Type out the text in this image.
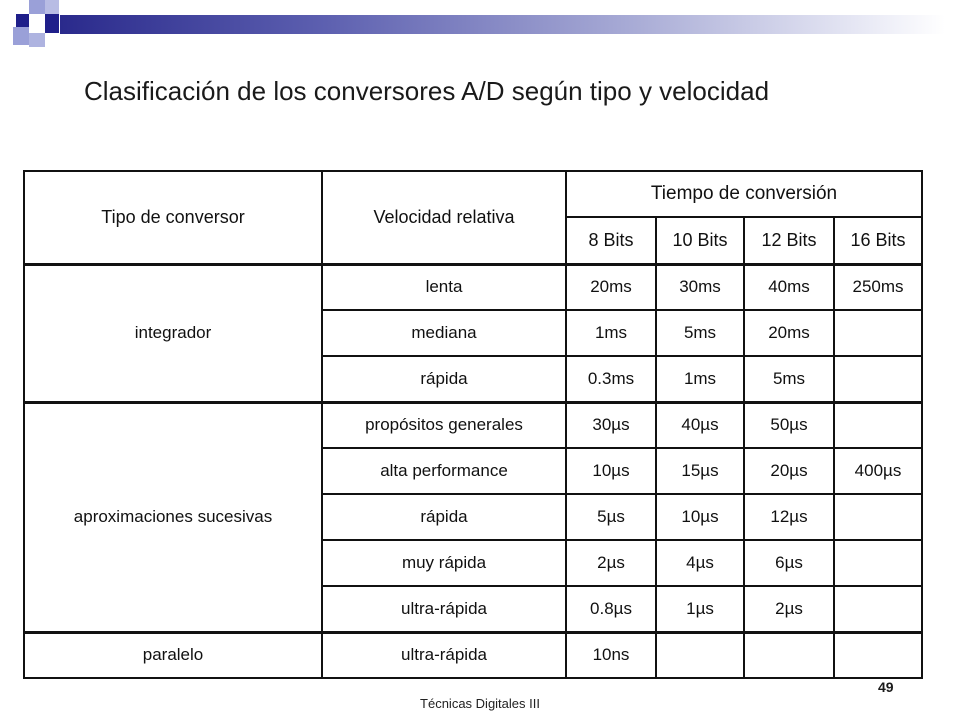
Clasificación de los conversores A/D según tipo y velocidad
Tipo de conversor	Velocidad relativa	Tiempo de conversión			
		8 Bits	10 Bits	12 Bits	16 Bits
integrador	lenta	20ms	30ms	40ms	250ms
	mediana	1ms	5ms	20ms	
	rápida	0.3ms	1ms	5ms	
aproximaciones sucesivas	propósitos generales	30µs	40µs	50µs	
	alta performance	10µs	15µs	20µs	400µs
	rápida	5µs	10µs	12µs	
	muy rápida	2µs	4µs	6µs	
	ultra-rápida	0.8µs	1µs	2µs	
paralelo	ultra-rápida	10ns			
Técnicas Digitales III
49
